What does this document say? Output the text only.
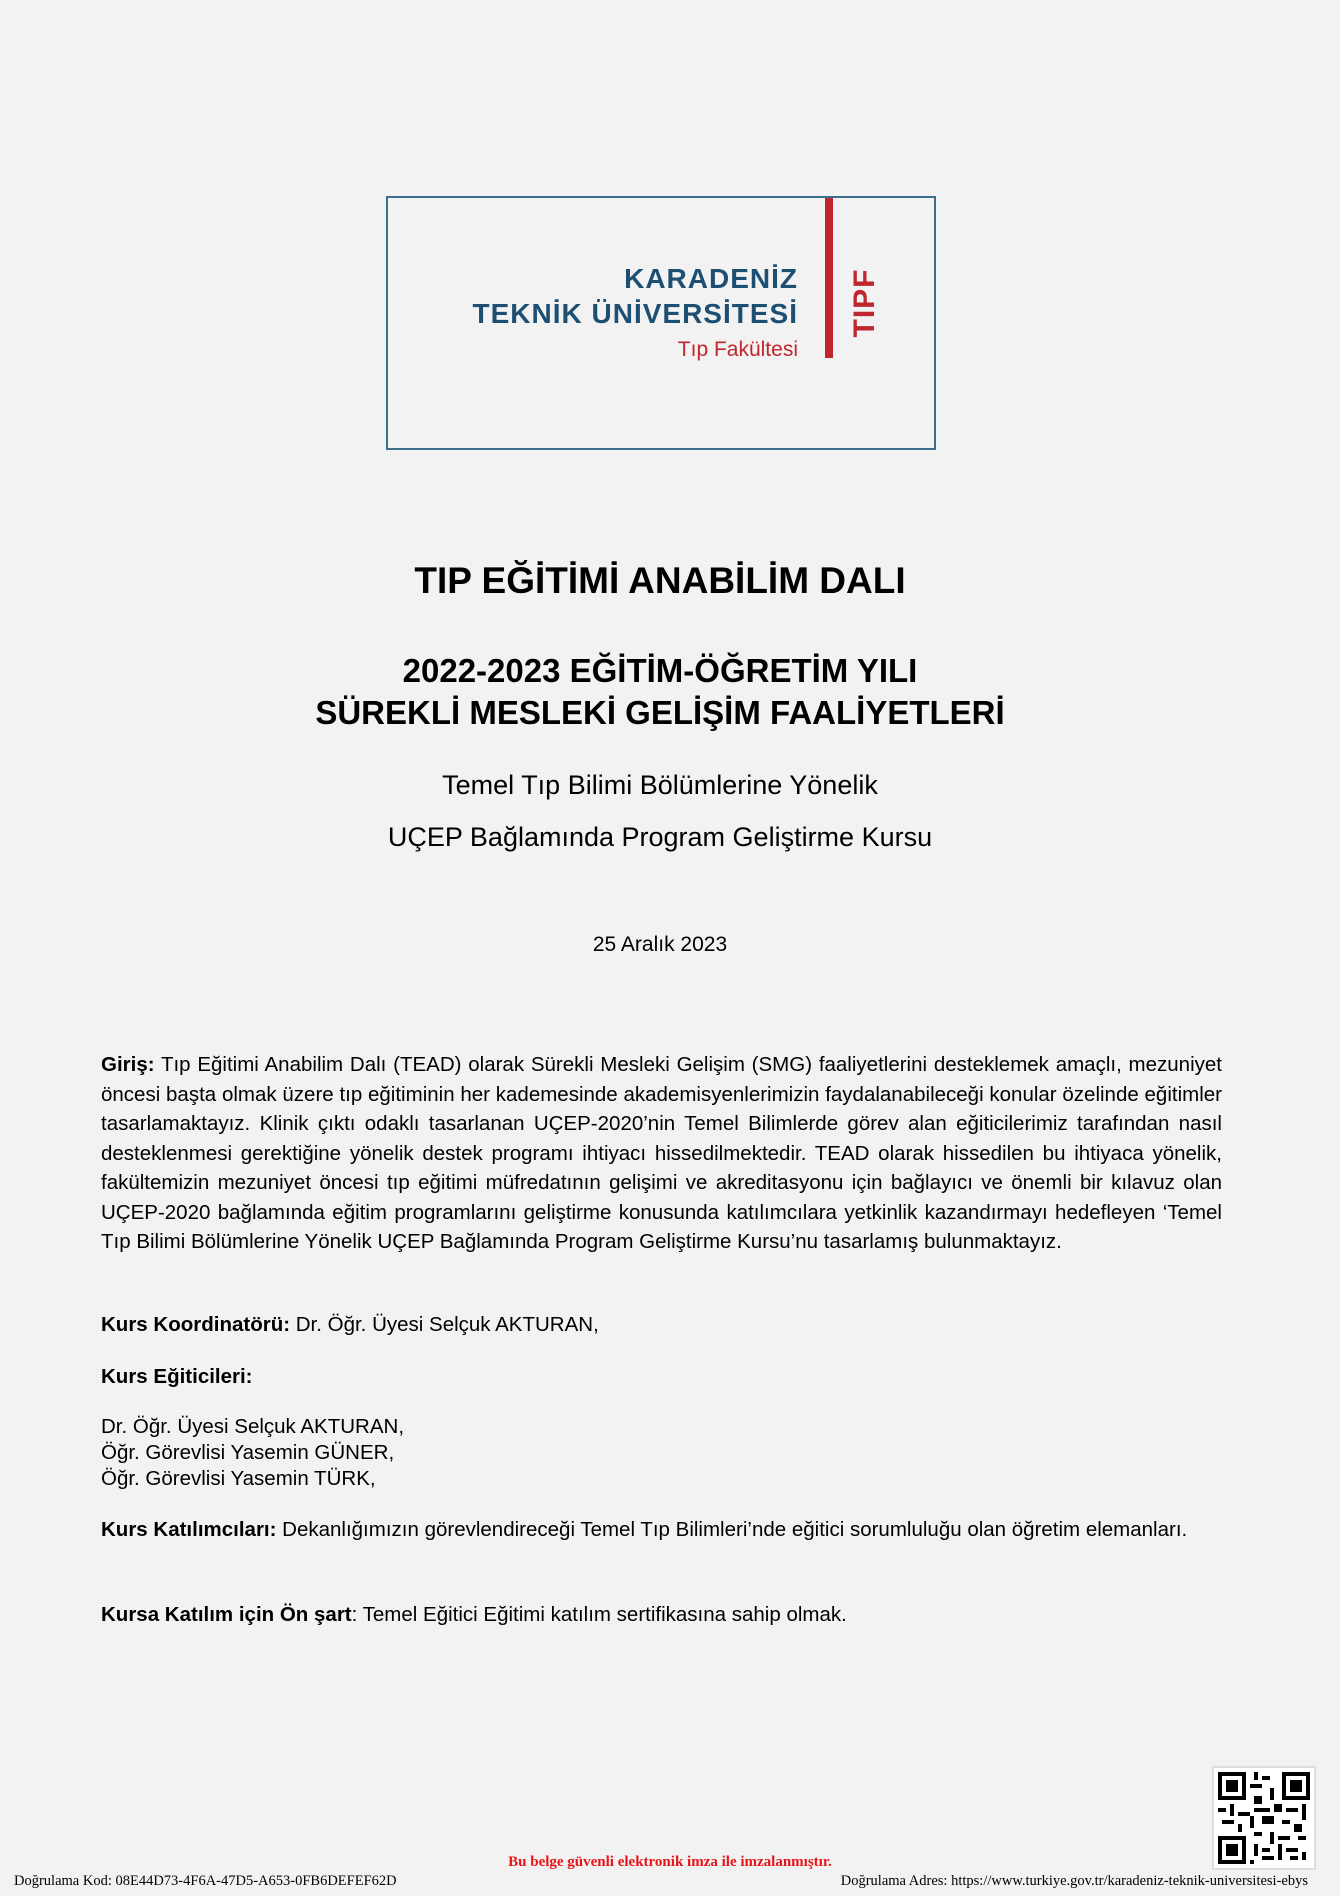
KARADENİZ
TEKNİK ÜNİVERSİTESİ
Tıp Fakültesi
TIPF
TIP EĞİTİMİ ANABİLİM DALI
2022-2023 EĞİTİM-ÖĞRETİM YILI
SÜREKLİ MESLEKİ GELİŞİM FAALİYETLERİ
Temel Tıp Bilimi Bölümlerine Yönelik
UÇEP Bağlamında Program Geliştirme Kursu
25 Aralık 2023
Giriş: Tıp Eğitimi Anabilim Dalı (TEAD) olarak Sürekli Mesleki Gelişim (SMG) faaliyetlerini desteklemek amaçlı, mezuniyet öncesi başta olmak üzere tıp eğitiminin her kademesinde akademisyenlerimizin faydalanabileceği konular özelinde eğitimler tasarlamaktayız. Klinik çıktı odaklı tasarlanan UÇEP-2020’nin Temel Bilimlerde görev alan eğiticilerimiz tarafından nasıl desteklenmesi gerektiğine yönelik destek programı ihtiyacı hissedilmektedir. TEAD olarak hissedilen bu ihtiyaca yönelik, fakültemizin mezuniyet öncesi tıp eğitimi müfredatının gelişimi ve akreditasyonu için bağlayıcı ve önemli bir kılavuz olan UÇEP-2020 bağlamında eğitim programlarını geliştirme konusunda katılımcılara yetkinlik kazandırmayı hedefleyen ‘Temel Tıp Bilimi Bölümlerine Yönelik UÇEP Bağlamında Program Geliştirme Kursu’nu tasarlamış bulunmaktayız.
Kurs Koordinatörü: Dr. Öğr. Üyesi Selçuk AKTURAN,
Kurs Eğiticileri:
Dr. Öğr. Üyesi Selçuk AKTURAN,
Öğr. Görevlisi Yasemin GÜNER,
Öğr. Görevlisi Yasemin TÜRK,
Kurs Katılımcıları: Dekanlığımızın görevlendireceği Temel Tıp Bilimleri’nde eğitici sorumluluğu olan öğretim elemanları.
Kursa Katılım için Ön şart: Temel Eğitici Eğitimi katılım sertifikasına sahip olmak.
Bu belge güvenli elektronik imza ile imzalanmıştır.
Doğrulama Kod: 08E44D73-4F6A-47D5-A653-0FB6DEFEF62D	Doğrulama Adres: https://www.turkiye.gov.tr/karadeniz-teknik-universitesi-ebys
